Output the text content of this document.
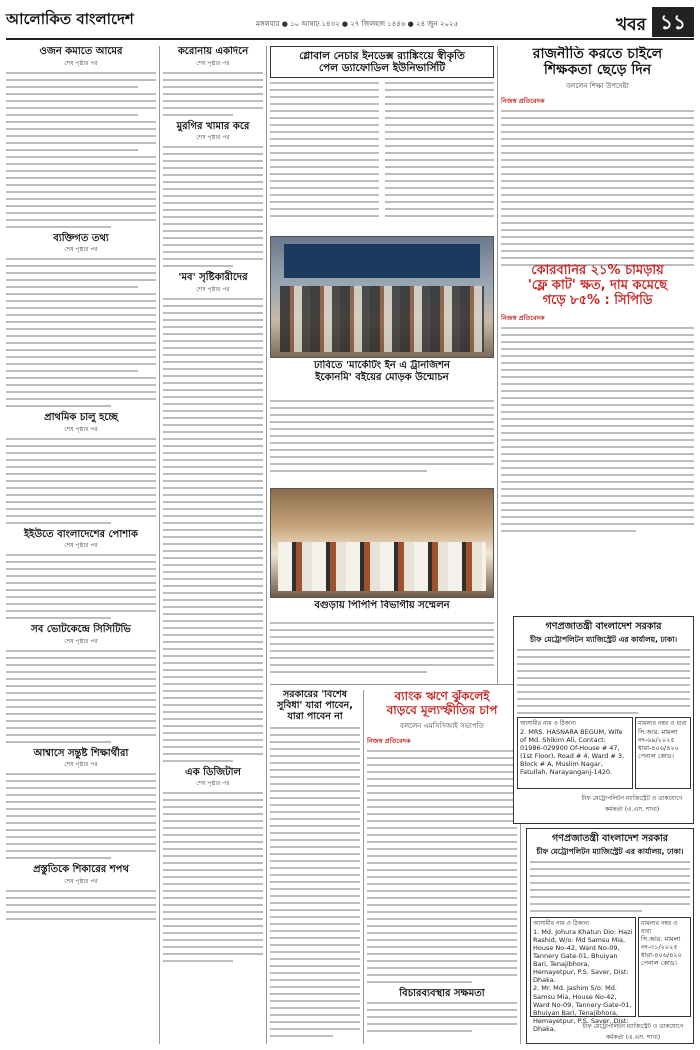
আলোকিত বাংলাদেশ	মঙ্গলবার ● ১০ আষাঢ় ১৪৩২ ● ২৭ জিলহজ ১৪৪৬ ● ২৪ জুন ২০২৫	খবর ১১
ওজন কমাতে আমের
শেষ পৃষ্ঠার পর
ব্যক্তিগত তথ্য
শেষ পৃষ্ঠার পর
প্রাথমিক চালু হচ্ছে
শেষ পৃষ্ঠার পর
ইইউতে বাংলাদেশের পোশাক
শেষ পৃষ্ঠার পর
সব ভোটকেন্দ্রে সিসিটিভি
শেষ পৃষ্ঠার পর
আশ্বাসে সন্তুষ্ট শিক্ষার্থীরা
শেষ পৃষ্ঠার পর
প্রস্তুতিকে শিকারের শপথ
শেষ পৃষ্ঠার পর
করোনায় একদিনে
শেষ পৃষ্ঠার পর
মুরগির খামার করে
শেষ পৃষ্ঠার পর
'মব' সৃষ্টিকারীদের
শেষ পৃষ্ঠার পর
এক ডিজিটাল
শেষ পৃষ্ঠার পর
গ্লোবাল নেচার ইনডেক্স র‍্যাঙ্কিংয়ে স্বীকৃতি
পেল ড্যাফোডিল ইউনিভার্সিটি
ঢাবিতে 'মার্কেটিং ইন এ ট্রানজিশন
ইকোনমি' বইয়ের মোড়ক উন্মোচন
বগুড়ায় পিপিপি বিভাগীয় সম্মেলন
সরকারের 'বিশেষ
সুবিধা' যারা পাবেন,
যারা পাবেন না
ব্যাংক ঋণে ঝুঁকলেই
বাড়বে মূল্যস্ফীতির চাপ
বললেন এমসিসিআই সভাপতি
নিজস্ব প্রতিবেদক
বিচারব্যবস্থার সক্ষমতা
রাজনীতি করতে চাইলে
শিক্ষকতা ছেড়ে দিন
বললেন শিক্ষা উপদেষ্টা
নিজস্ব প্রতিবেদক
কোরবানির ২১% চামড়ায়
'ফ্লে কাট' ক্ষত, দাম কমেছে
গড়ে ৮৫% : সিপিডি
নিজস্ব প্রতিবেদক
গণপ্রজাতন্ত্রী বাংলাদেশ সরকার
চীফ মেট্রোপলিটন ম্যাজিস্ট্রেট এর কার্যালয়, ঢাকা।
আসামীর নাম ও ঠিকানা
2. MRS. HASNARA BEGUM, Wife of Md. Shikim Ali, Contact: 01986-029900 Of-House # 47, (1st Floor), Road # 4, Ward # 3, Block # A, Muslim Nagar, Fatullah, Narayanganj-1420.
মামলার নম্বর ও ধারা
সি.আর. মামলা নং-৬৯/২০২৫ ধারা-৪০৬/৪২০ পেনাল কোড।
চীফ মেট্রোপলিটন ম্যাজিস্ট্রেট ও ডাকযোগে কর্মকর্তা (এ.এস. শাখা)
গণপ্রজাতন্ত্রী বাংলাদেশ সরকার
চীফ মেট্রোপলিটন ম্যাজিস্ট্রেট এর কার্যালয়, ঢাকা।
আসামীর নাম ও ঠিকানা
1. Md. Johura Khatun Dio: Hazi Rashid, W/o: Md Samsu Mia, House No-42, Ward No-09, Tannery Gate-01, Bhuiyan Bari, Tenajibhora, Hemayetpur, P.S. Saver, Dist: Dhaka.
2. Mr. Md. Jashim S/o: Md. Samsu Mia, House No-42, Ward No-09, Tannery Gate-01, Bhuiyan Bari, Tenajibhora, Hemayetpur, P.S. Saver, Dist: Dhaka.
মামলার নম্বর ও ধারা
সি.আর. মামলা নং-৩১/২০২৫ ধারা-৪০৬/৪২০ পেনাল কোড।
চীফ মেট্রোপলিটন ম্যাজিস্ট্রেট ও ডাকযোগে কর্মকর্তা (এ.এস. শাখা)
